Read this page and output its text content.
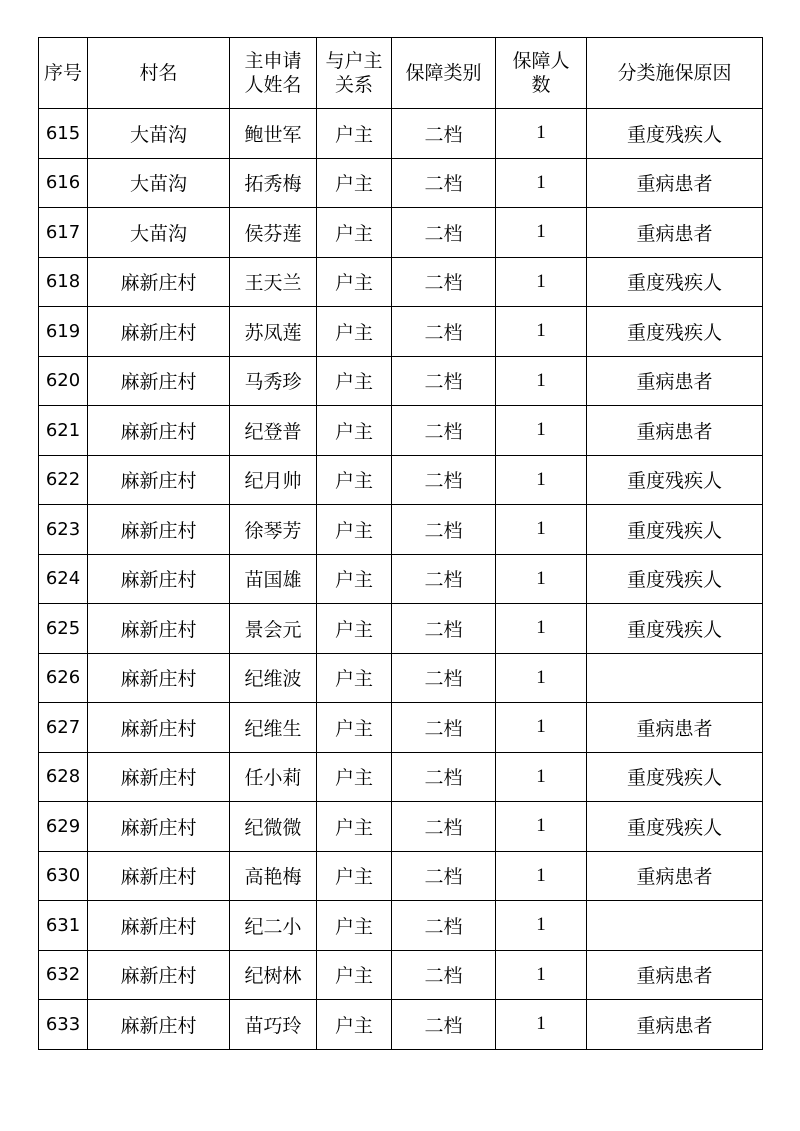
序号	村名	主申请人姓名	与户主关系	保障类别	保障人数	分类施保原因
615	大苗沟	鲍世军	户主	二档	1	重度残疾人
616	大苗沟	拓秀梅	户主	二档	1	重病患者
617	大苗沟	侯芬莲	户主	二档	1	重病患者
618	麻新庄村	王天兰	户主	二档	1	重度残疾人
619	麻新庄村	苏凤莲	户主	二档	1	重度残疾人
620	麻新庄村	马秀珍	户主	二档	1	重病患者
621	麻新庄村	纪登普	户主	二档	1	重病患者
622	麻新庄村	纪月帅	户主	二档	1	重度残疾人
623	麻新庄村	徐琴芳	户主	二档	1	重度残疾人
624	麻新庄村	苗国雄	户主	二档	1	重度残疾人
625	麻新庄村	景会元	户主	二档	1	重度残疾人
626	麻新庄村	纪维波	户主	二档	1	
627	麻新庄村	纪维生	户主	二档	1	重病患者
628	麻新庄村	任小莉	户主	二档	1	重度残疾人
629	麻新庄村	纪微微	户主	二档	1	重度残疾人
630	麻新庄村	高艳梅	户主	二档	1	重病患者
631	麻新庄村	纪二小	户主	二档	1	
632	麻新庄村	纪树林	户主	二档	1	重病患者
633	麻新庄村	苗巧玲	户主	二档	1	重病患者
